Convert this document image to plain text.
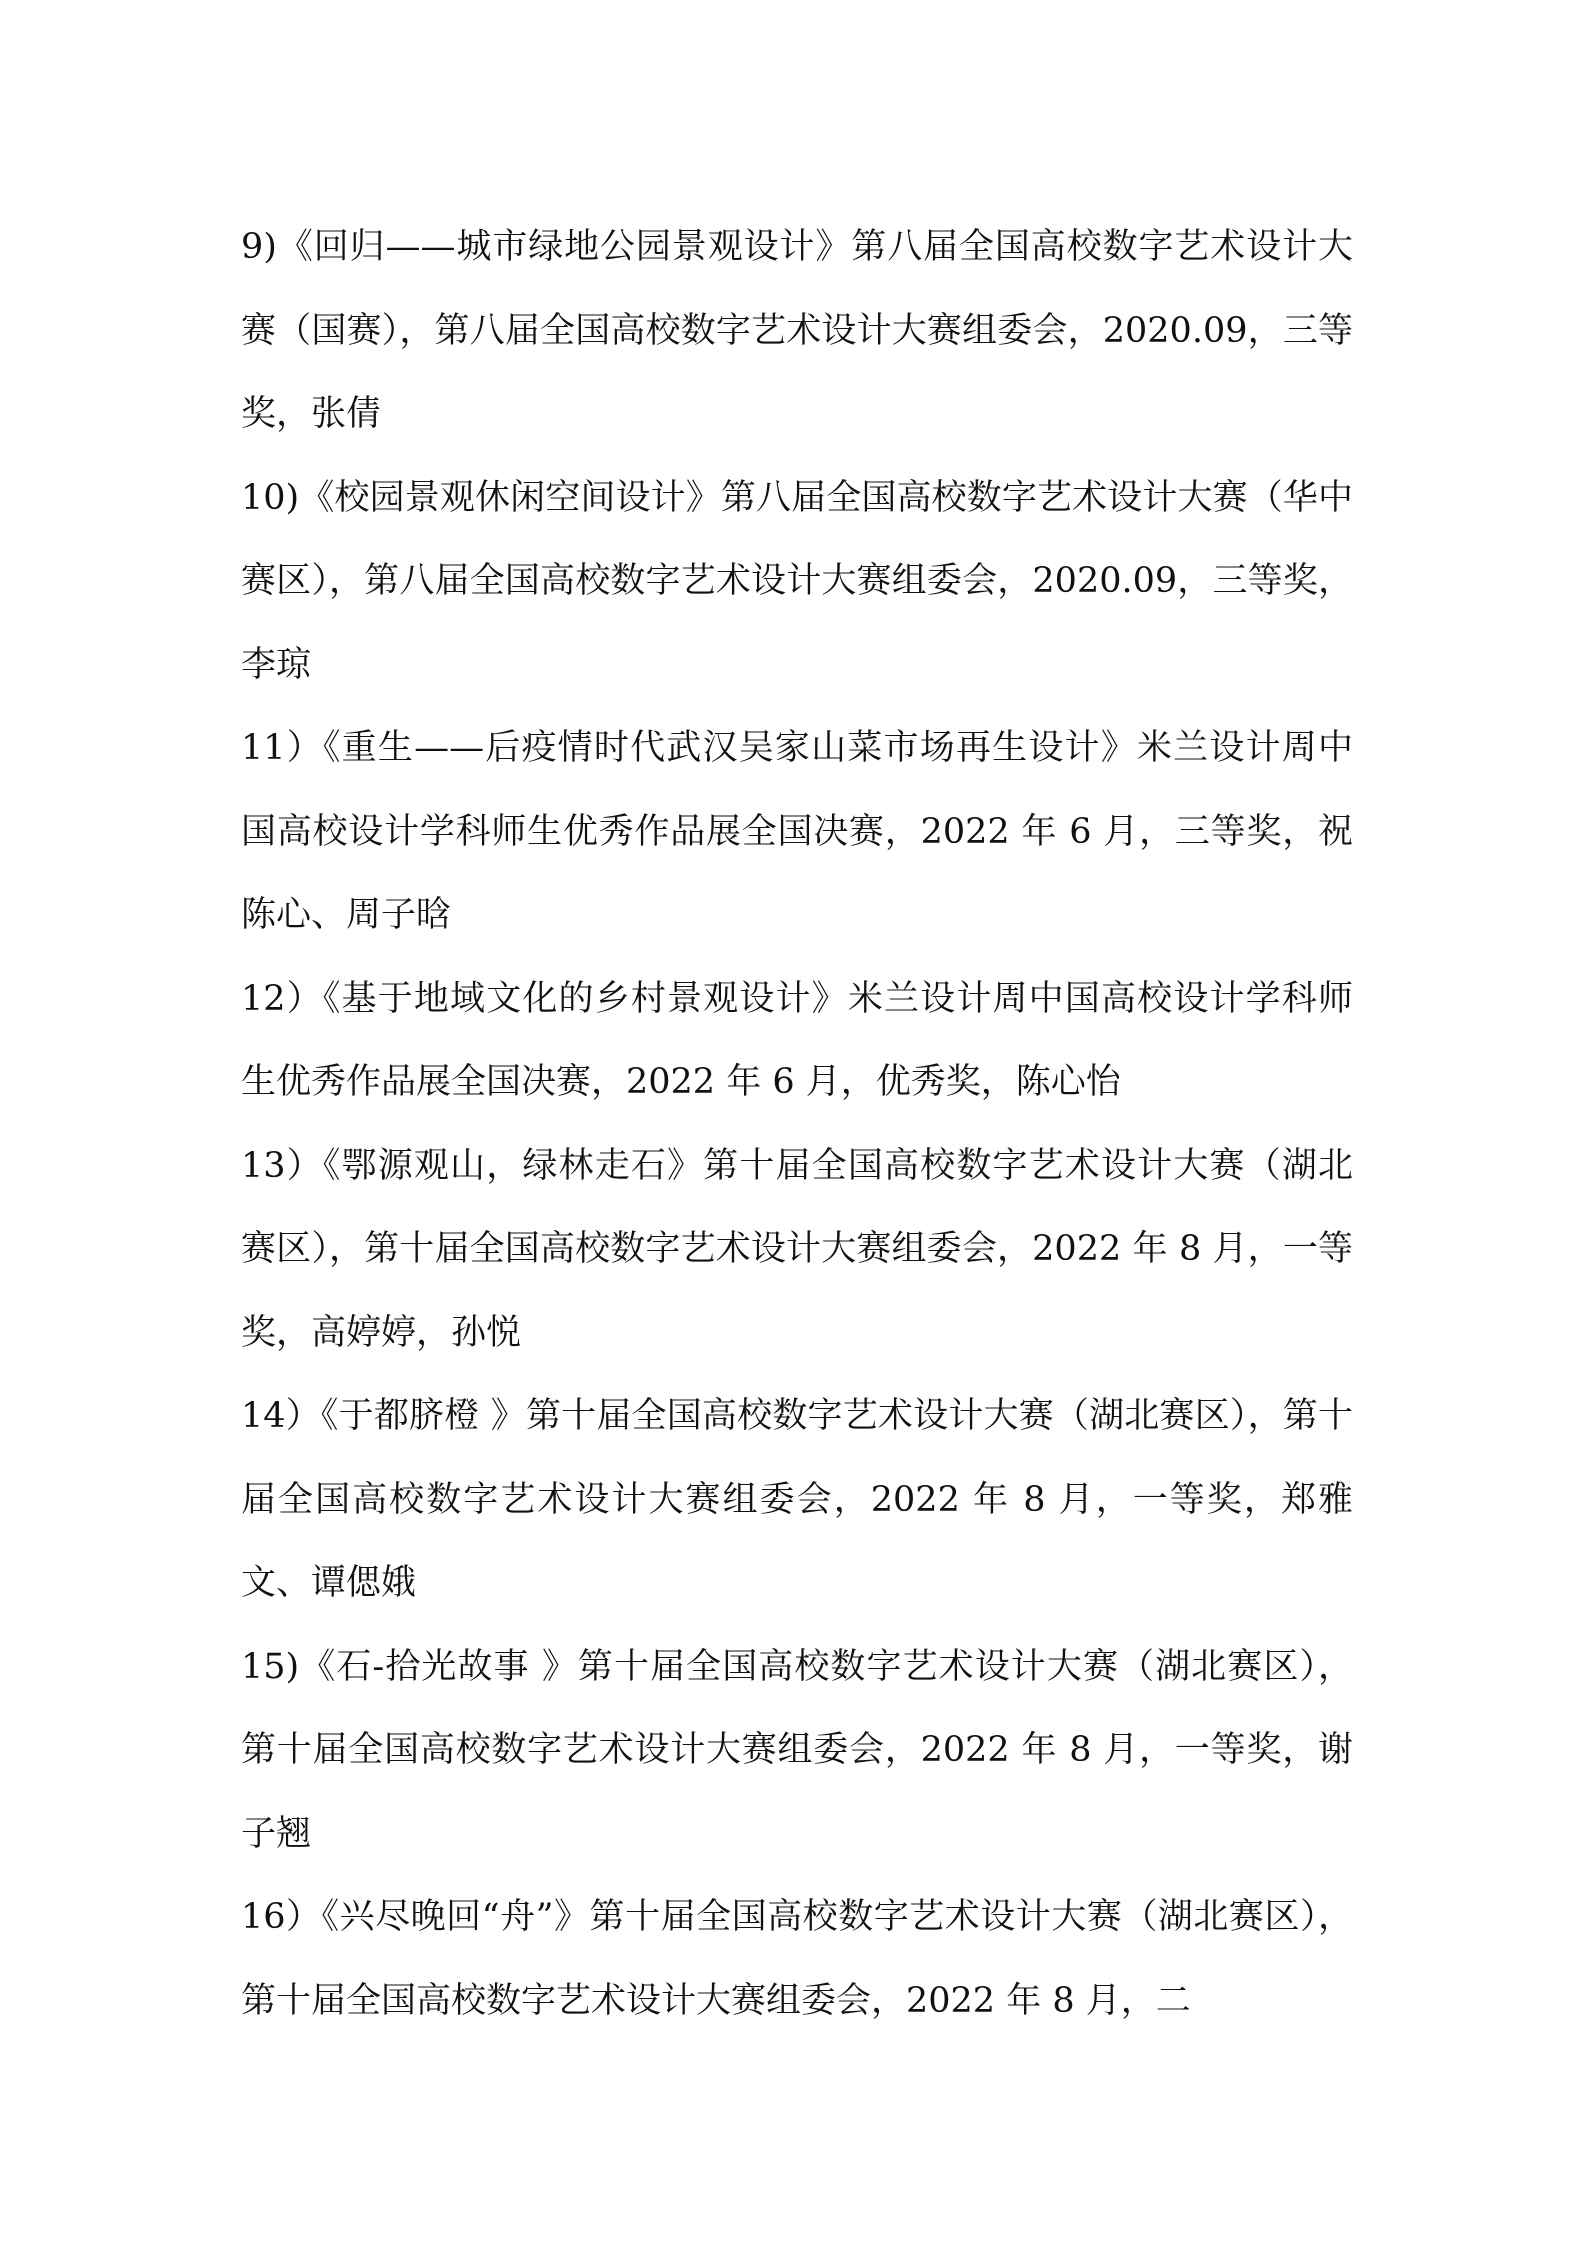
9)《回归——城市绿地公园景观设计》第八届全国高校数字艺术设计大赛（国赛），第八届全国高校数字艺术设计大赛组委会，2020.09，三等奖，张倩

10)《校园景观休闲空间设计》第八届全国高校数字艺术设计大赛（华中赛区），第八届全国高校数字艺术设计大赛组委会，2020.09，三等奖，李琼

11）《重生——后疫情时代武汉吴家山菜市场再生设计》米兰设计周中国高校设计学科师生优秀作品展全国决赛，2022 年 6 月，三等奖，祝陈心、周子晗

12）《基于地域文化的乡村景观设计》米兰设计周中国高校设计学科师生优秀作品展全国决赛，2022 年 6 月，优秀奖，陈心怡

13）《鄂源观山，绿林走石》第十届全国高校数字艺术设计大赛（湖北赛区），第十届全国高校数字艺术设计大赛组委会，2022 年 8 月，一等奖，高婷婷，孙悦

14）《于都脐橙 》第十届全国高校数字艺术设计大赛（湖北赛区），第十届全国高校数字艺术设计大赛组委会，2022 年 8 月，一等奖，郑雅文、谭偲娥

15)《石-拾光故事 》第十届全国高校数字艺术设计大赛（湖北赛区），第十届全国高校数字艺术设计大赛组委会，2022 年 8 月，一等奖，谢子翘

16）《兴尽晚回“舟”》第十届全国高校数字艺术设计大赛（湖北赛区），第十届全国高校数字艺术设计大赛组委会，2022 年 8 月，二
